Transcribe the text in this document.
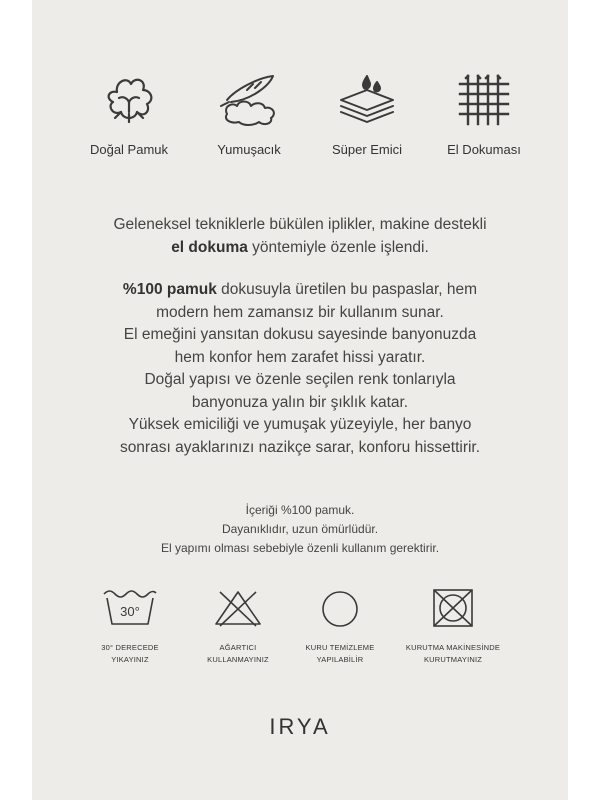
Doğal Pamuk	Yumuşacık	Süper Emici	El Dokuması

Geleneksel tekniklerle bükülen iplikler, makine destekli

el dokuma yöntemiyle özenle işlendi.

%100 pamuk dokusuyla üretilen bu paspaslar, hem

modern hem zamansız bir kullanım sunar.

El emeğini yansıtan dokusu sayesinde banyonuzda

hem konfor hem zarafet hissi yaratır.

Doğal yapısı ve özenle seçilen renk tonlarıyla

banyonuza yalın bir şıklık katar.

Yüksek emiciliği ve yumuşak yüzeyiyle, her banyo

sonrası ayaklarınızı nazikçe sarar, konforu hissettirir.

İçeriği %100 pamuk.

Dayanıklıdır, uzun ömürlüdür.

El yapımı olması sebebiyle özenli kullanım gerektirir.

30°
30° DERECEDE
YIKAYINIZ
AĞARTICI
KULLANMAYINIZ
KURU TEMİZLEME
YAPILABİLİR
KURUTMA MAKİNESİNDE
KURUTMAYINIZ
IRYA
